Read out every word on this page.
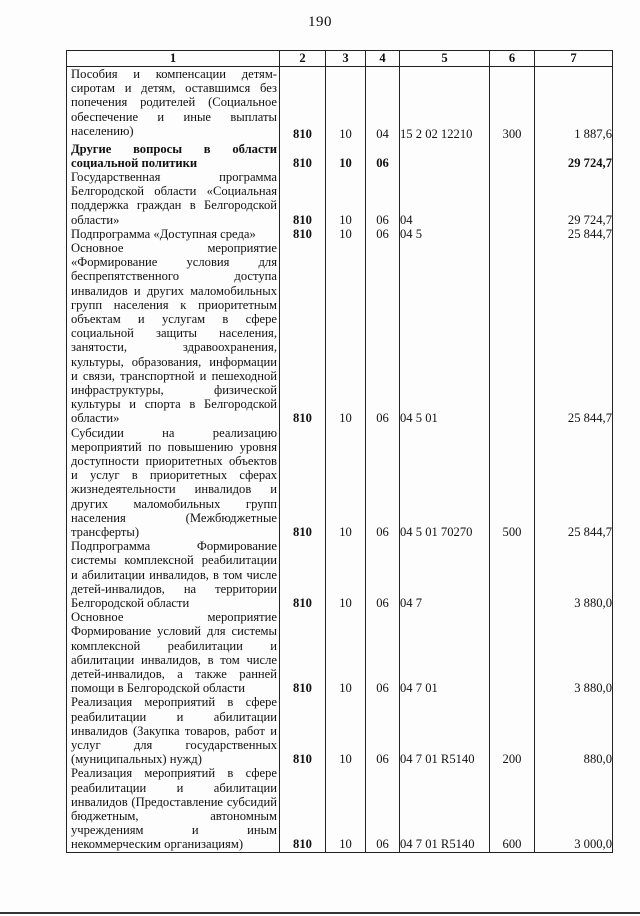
190
1	2	3	4	5	6	7

Пособия и компенсации детям-сиротам и детям, оставшимся без попечения родителей (Социальное обеспечение и иные выплаты населению)	810	10	04	15 2 02 12210	300	1 887,6

Другие вопросы в области социальной политики	810	10	06			29 724,7

Государственная программа Белгородской области «Социальная поддержка граждан в Белгородской области»	810	10	06	04		29 724,7

Подпрограмма «Доступная среда»	810	10	06	04 5		25 844,7

Основное мероприятие «Формирование условия для беспрепятственного доступа инвалидов и других маломобильных групп населения к приоритетным объектам и услугам в сфере социальной защиты населения, занятости, здравоохранения, культуры, образования, информации и связи, транспортной и пешеходной инфраструктуры, физической культуры и спорта в Белгородской области»	810	10	06	04 5 01		25 844,7

Субсидии на реализацию мероприятий по повышению уровня доступности приоритетных объектов и услуг в приоритетных сферах жизнедеятельности инвалидов и других маломобильных групп населения (Межбюджетные трансферты)	810	10	06	04 5 01 70270	500	25 844,7

Подпрограмма Формирование системы комплексной реабилитации и абилитации инвалидов, в том числе детей-инвалидов, на территории Белгородской области	810	10	06	04 7		3 880,0

Основное мероприятие Формирование условий для системы комплексной реабилитации и абилитации инвалидов, в том числе детей-инвалидов, а также ранней помощи в Белгородской области	810	10	06	04 7 01		3 880,0

Реализация мероприятий в сфере реабилитации и абилитации инвалидов (Закупка товаров, работ и услуг для государственных (муниципальных) нужд)	810	10	06	04 7 01 R5140	200	880,0

Реализация мероприятий в сфере реабилитации и абилитации инвалидов (Предоставление субсидий бюджетным, автономным учреждениям и иным некоммерческим организациям)	810	10	06	04 7 01 R5140	600	3 000,0
